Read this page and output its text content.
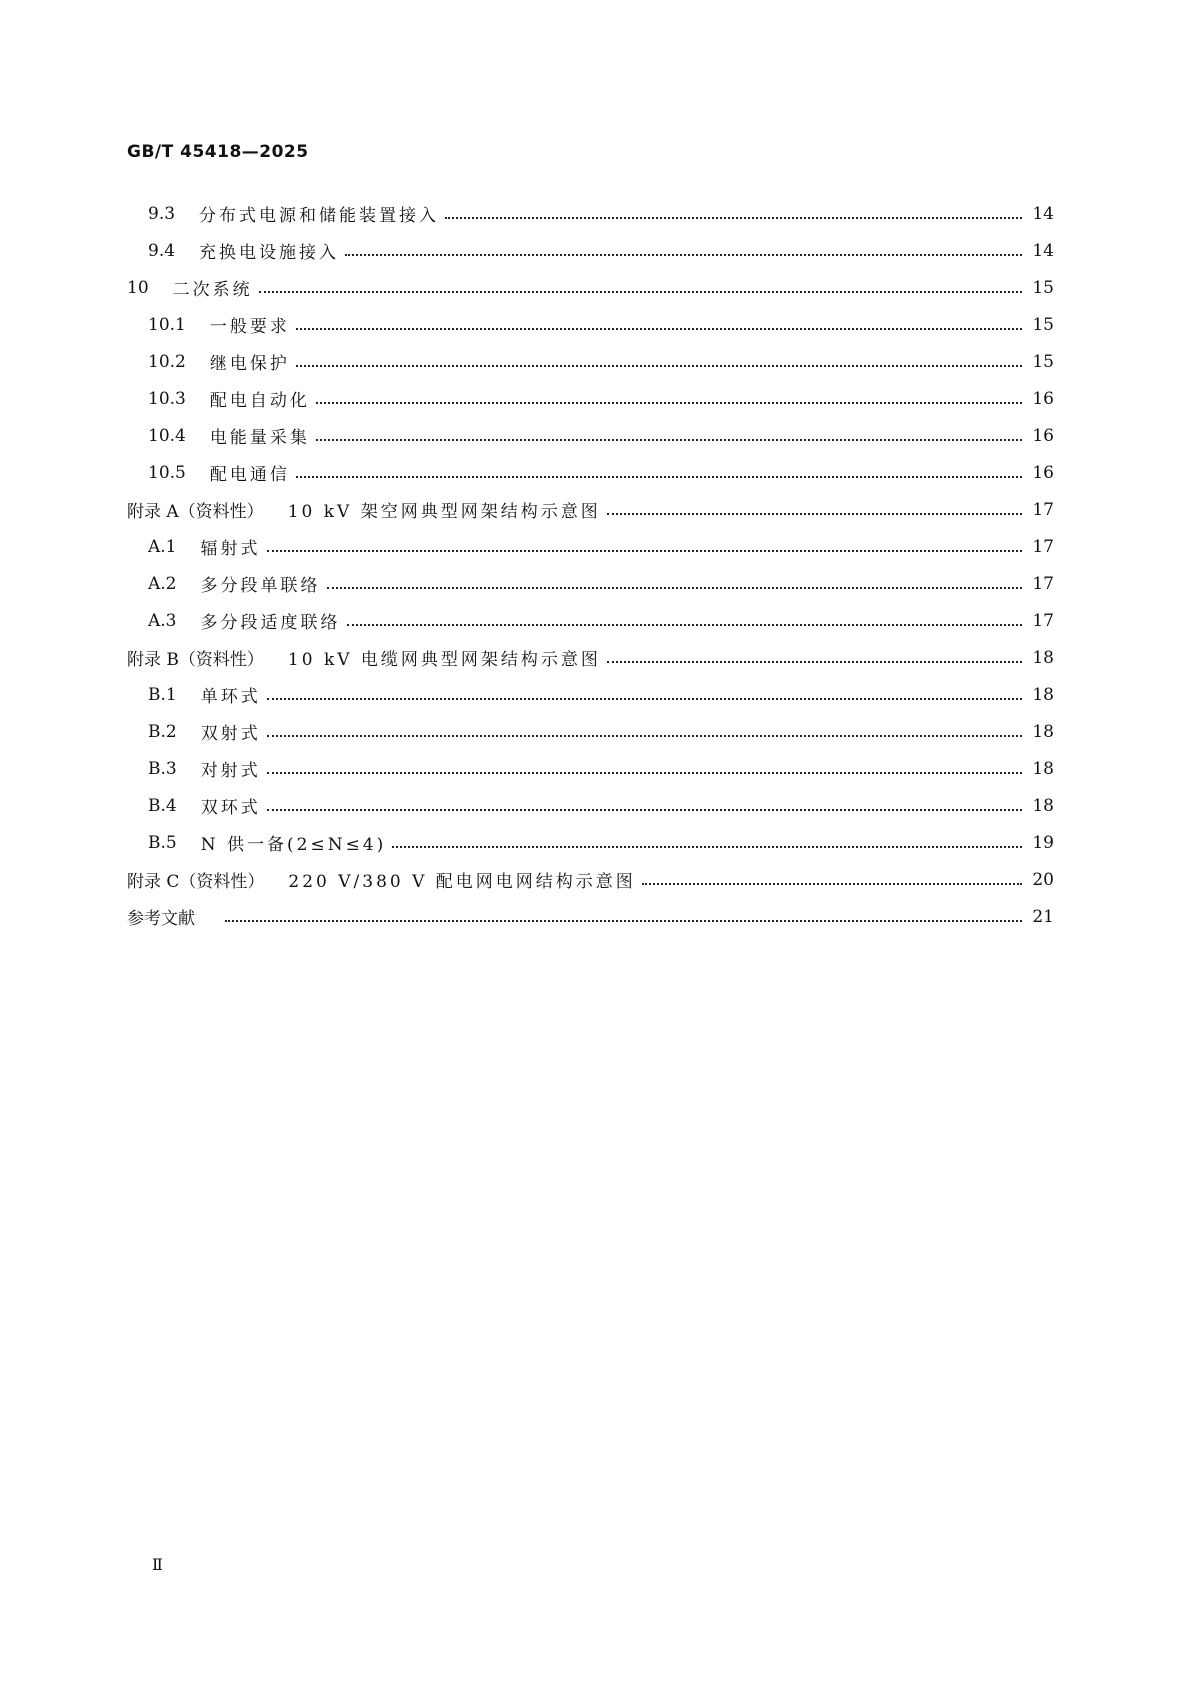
GB/T 45418—2025
9.3 分布式电源和储能装置接入	14
9.4 充换电设施接入	14
10 二次系统	15
10.1 一般要求	15
10.2 继电保护	15
10.3 配电自动化	16
10.4 电能量采集	16
10.5 配电通信	16
附录 A（资料性） 10 kV 架空网典型网架结构示意图	17
A.1 辐射式	17
A.2 多分段单联络	17
A.3 多分段适度联络	17
附录 B（资料性） 10 kV 电缆网典型网架结构示意图	18
B.1 单环式	18
B.2 双射式	18
B.3 对射式	18
B.4 双环式	18
B.5 N 供一备(2≤N≤4)	19
附录 C（资料性） 220 V/380 V 配电网电网结构示意图	20
参考文献	21
Ⅱ
